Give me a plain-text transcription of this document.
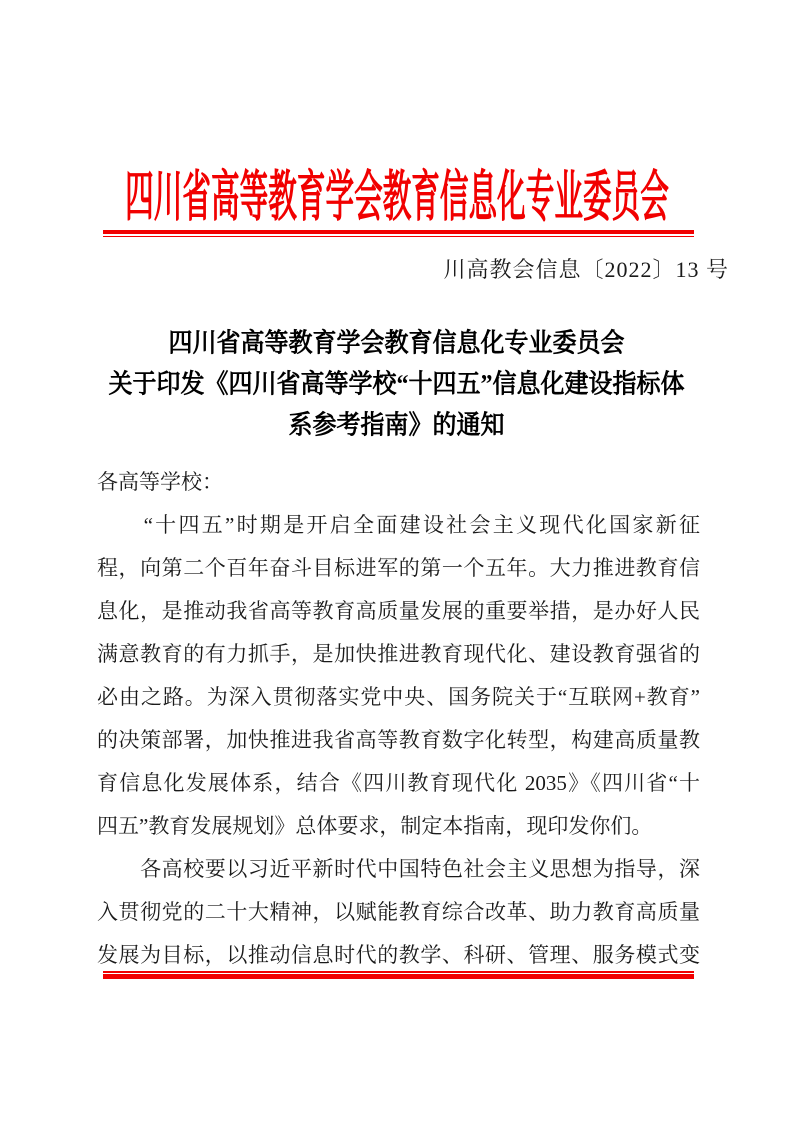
四川省高等教育学会教育信息化专业委员会
川高教会信息〔2022〕13 号
四川省高等教育学会教育信息化专业委员会
关于印发《四川省高等学校“十四五”信息化建设指标体
系参考指南》的通知
各高等学校：
　　“十四五”时期是开启全面建设社会主义现代化国家新征
程，向第二个百年奋斗目标进军的第一个五年。大力推进教育信
息化，是推动我省高等教育高质量发展的重要举措，是办好人民
满意教育的有力抓手，是加快推进教育现代化、建设教育强省的
必由之路。为深入贯彻落实党中央、国务院关于“互联网+教育”
的决策部署，加快推进我省高等教育数字化转型，构建高质量教
育信息化发展体系，结合《四川教育现代化 2035》《四川省“十
四五”教育发展规划》总体要求，制定本指南，现印发你们。
　　各高校要以习近平新时代中国特色社会主义思想为指导，深
入贯彻党的二十大精神，以赋能教育综合改革、助力教育高质量
发展为目标，以推动信息时代的教学、科研、管理、服务模式变
